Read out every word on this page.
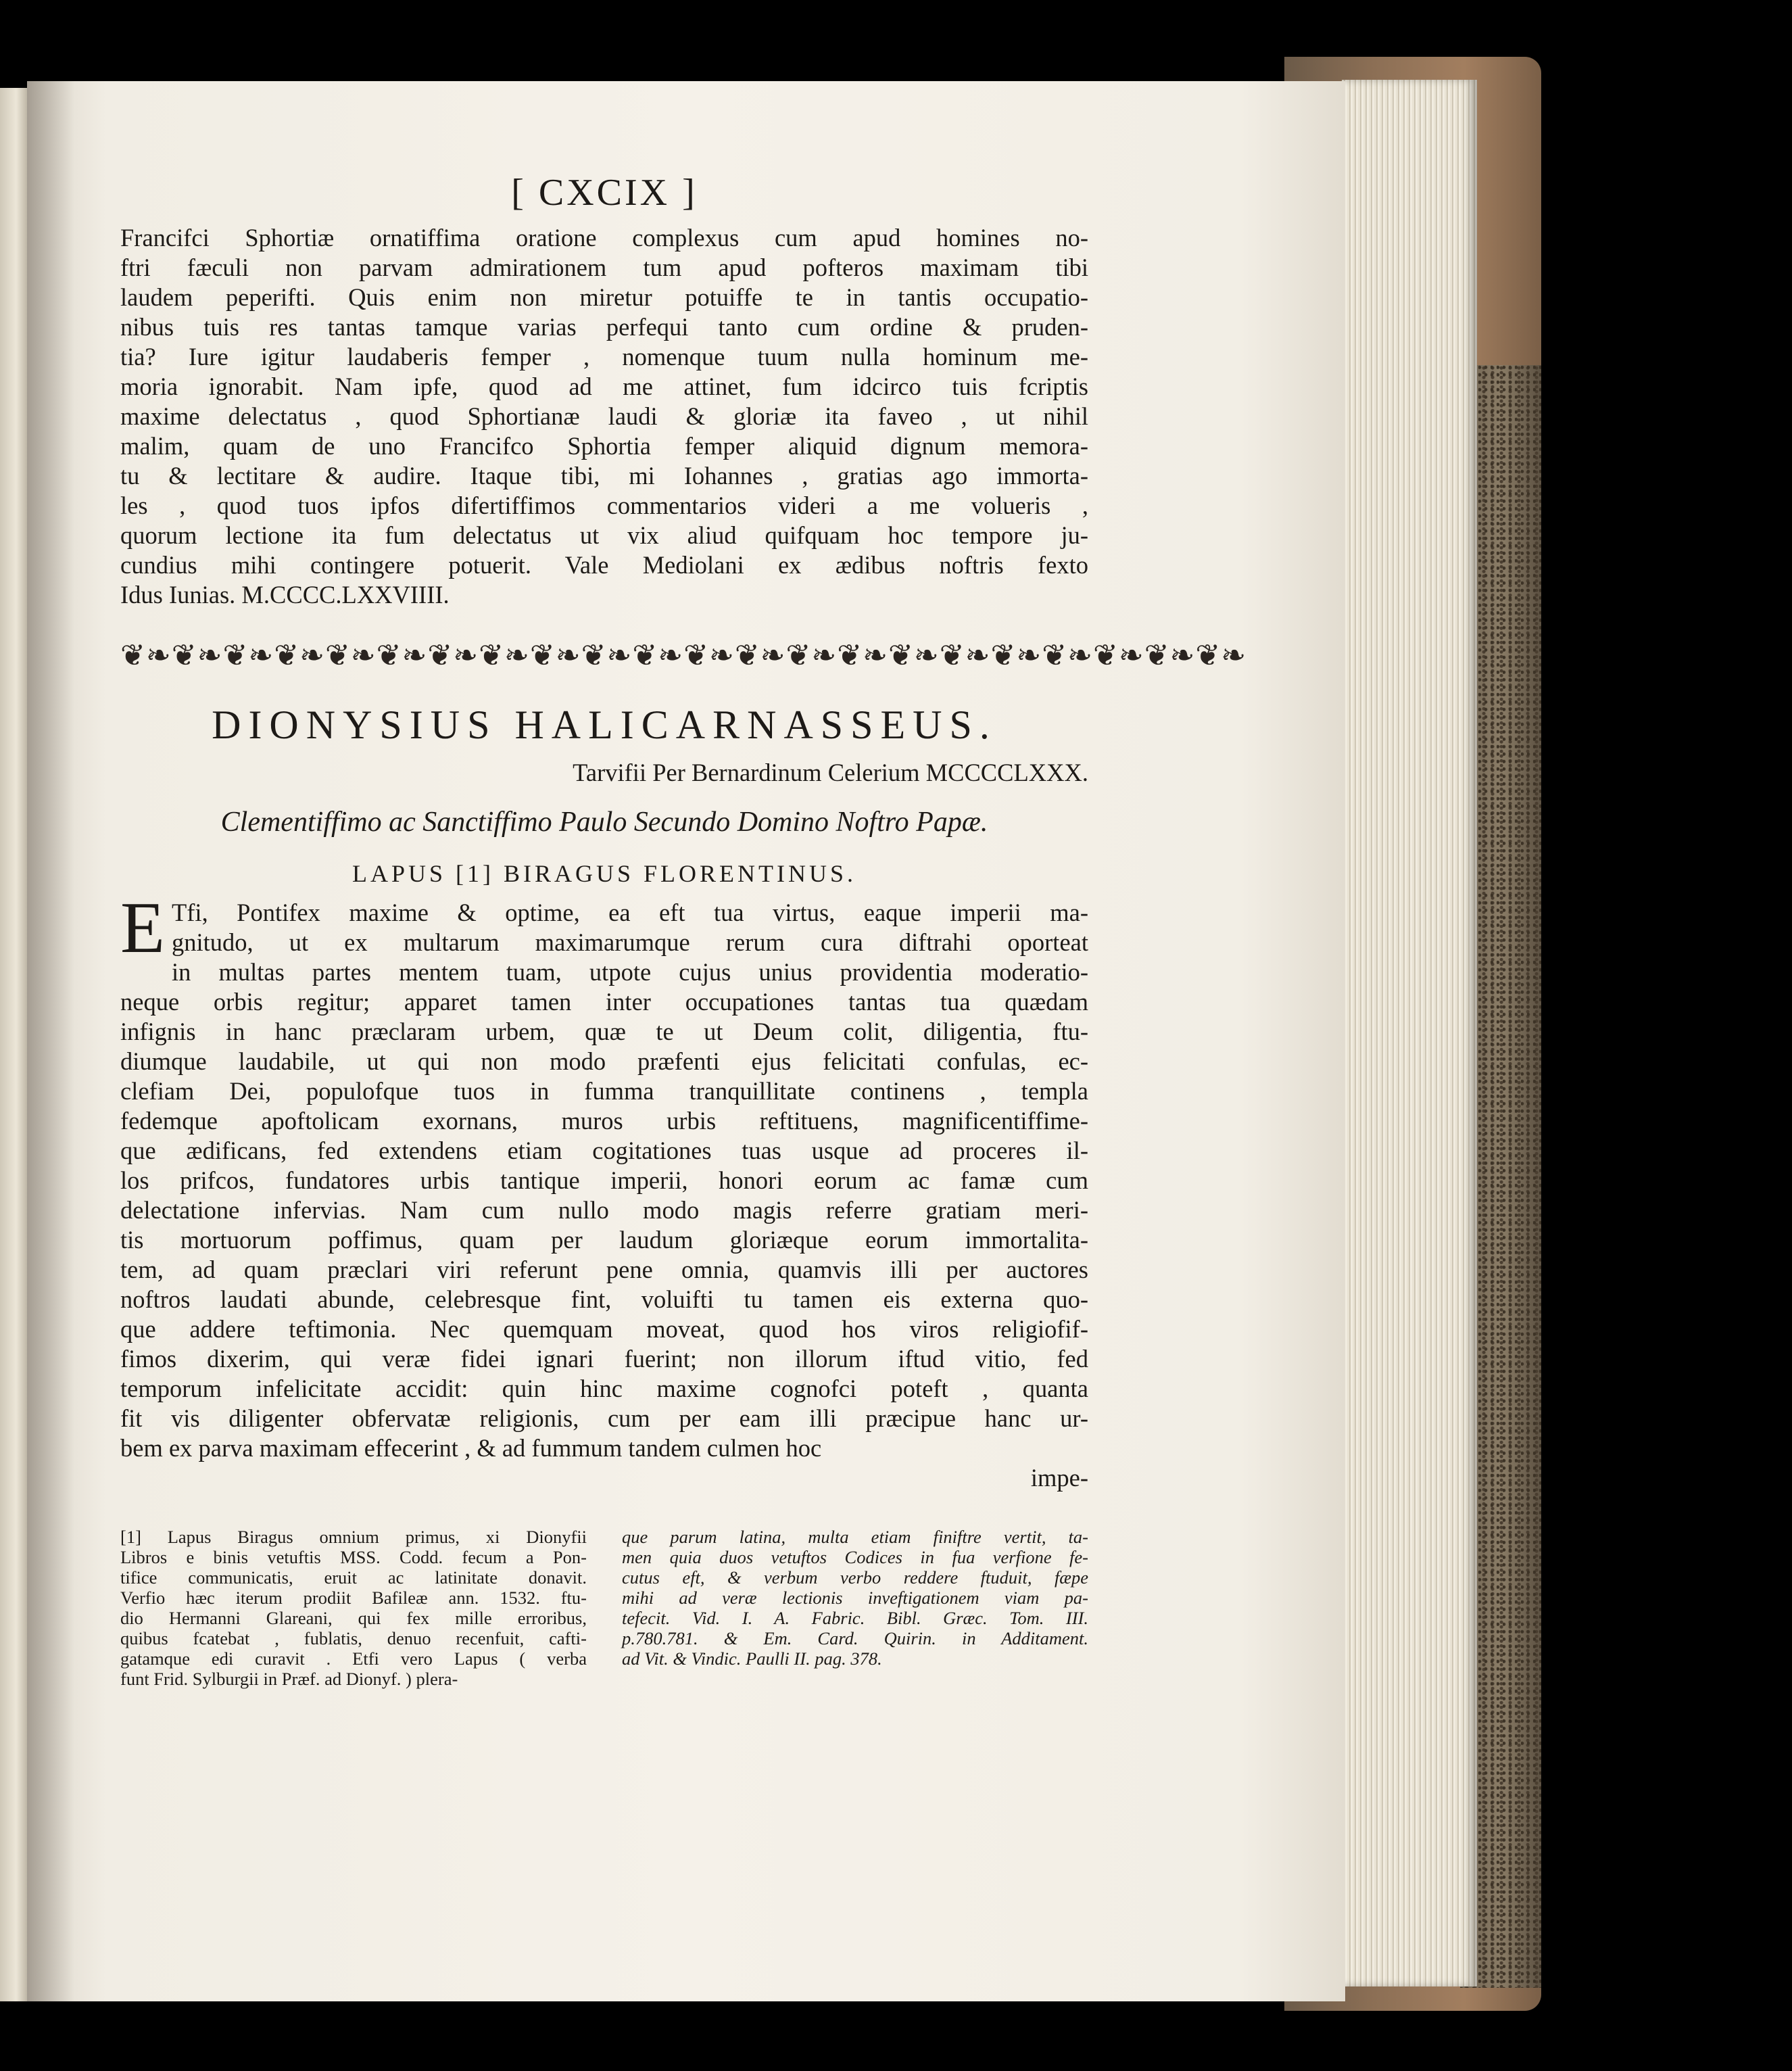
[ CXCIX ]
Francifci Sphortiæ ornatiffima oratione complexus cum apud homines no-
ftri fæculi non parvam admirationem tum apud pofteros maximam tibi
laudem peperifti. Quis enim non miretur potuiffe te in tantis occupatio-
nibus tuis res tantas tamque varias perfequi tanto cum ordine & pruden-
tia? Iure igitur laudaberis femper , nomenque tuum nulla hominum me-
moria ignorabit. Nam ipfe, quod ad me attinet, fum idcirco tuis fcriptis
maxime delectatus , quod Sphortianæ laudi & gloriæ ita faveo , ut nihil
malim, quam de uno Francifco Sphortia femper aliquid dignum memora-
tu & lectitare & audire. Itaque tibi, mi Iohannes , gratias ago immorta-
les , quod tuos ipfos difertiffimos commentarios videri a me volueris ,
quorum lectione ita fum delectatus ut vix aliud quifquam hoc tempore ju-
cundius mihi contingere potuerit. Vale Mediolani ex ædibus noftris fexto
Idus Iunias. M.CCCC.LXXVIIII.
❦❧❦❧❦❧❦❧❦❧❦❧❦❧❦❧❦❧❦❧❦❧❦❧❦❧❦❧❦❧❦❧❦❧❦❧❦❧❦❧❦❧❦❧
DIONYSIUS HALICARNASSEUS.
Tarvifii Per Bernardinum Celerium MCCCCLXXX.
Clementiffimo ac Sanctiffimo Paulo Secundo Domino Noftro Papæ.
LAPUS [1] BIRAGUS FLORENTINUS.
E Tfi, Pontifex maxime & optime, ea eft tua virtus, eaque imperii ma-
gnitudo, ut ex multarum maximarumque rerum cura diftrahi oporteat
in multas partes mentem tuam, utpote cujus unius providentia moderatio-
neque orbis regitur; apparet tamen inter occupationes tantas tua quædam
infignis in hanc præclaram urbem, quæ te ut Deum colit, diligentia, ftu-
diumque laudabile, ut qui non modo præfenti ejus felicitati confulas, ec-
clefiam Dei, populofque tuos in fumma tranquillitate continens , templa
fedemque apoftolicam exornans, muros urbis reftituens, magnificentiffime-
que ædificans, fed extendens etiam cogitationes tuas usque ad proceres il-
los prifcos, fundatores urbis tantique imperii, honori eorum ac famæ cum
delectatione infervias. Nam cum nullo modo magis referre gratiam meri-
tis mortuorum poffimus, quam per laudum gloriæque eorum immortalita-
tem, ad quam præclari viri referunt pene omnia, quamvis illi per auctores
noftros laudati abunde, celebresque fint, voluifti tu tamen eis externa quo-
que addere teftimonia. Nec quemquam moveat, quod hos viros religiofif-
fimos dixerim, qui veræ fidei ignari fuerint; non illorum iftud vitio, fed
temporum infelicitate accidit: quin hinc maxime cognofci poteft , quanta
fit vis diligenter obfervatæ religionis, cum per eam illi præcipue hanc ur-
bem ex parva maximam effecerint , & ad fummum tandem culmen hoc
impe-
[1] Lapus Biragus omnium primus, xi Dionyfii
Libros e binis vetuftis MSS. Codd. fecum a Pon-
tifice communicatis, eruit ac latinitate donavit.
Verfio hæc iterum prodiit Bafileæ ann. 1532. ftu-
dio Hermanni Glareani, qui fex mille erroribus,
quibus fcatebat , fublatis, denuo recenfuit, cafti-
gatamque edi curavit . Etfi vero Lapus ( verba
funt Frid. Sylburgii in Præf. ad Dionyf. ) plera-
que parum latina, multa etiam finiftre vertit, ta-
men quia duos vetuftos Codices in fua verfione fe-
cutus eft, & verbum verbo reddere ftuduit, fæpe
mihi ad veræ lectionis inveftigationem viam pa-
tefecit. Vid. I. A. Fabric. Bibl. Græc. Tom. III.
p.780.781. & Em. Card. Quirin. in Additament.
ad Vit. & Vindic. Paulli II. pag. 378.
